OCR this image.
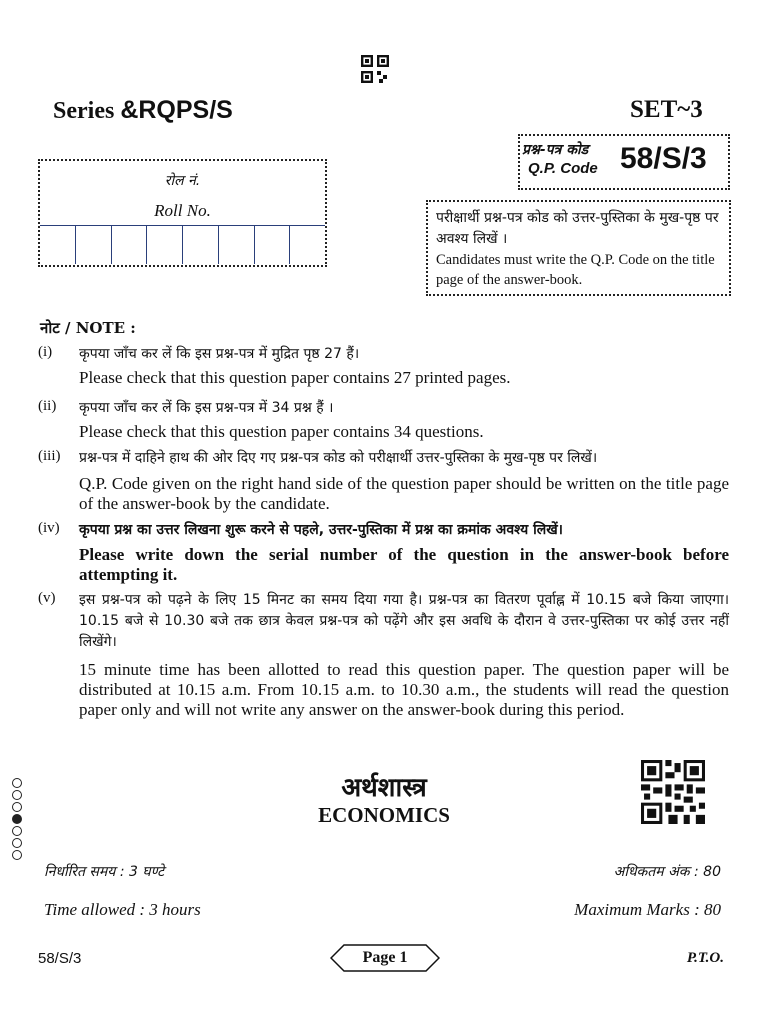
Series &RQPS/S	SET~3
प्रश्न-पत्र कोड
Q.P. Code 58/S/3
रोल नं.
Roll No.	परीक्षार्थी प्रश्न-पत्र कोड को उत्तर-पुस्तिका के मुख-पृष्ठ पर अवश्य लिखें ।
Candidates must write the Q.P. Code on the title page of the answer-book.
नोट / NOTE :
(i) कृपया जाँच कर लें कि इस प्रश्न-पत्र में मुद्रित पृष्ठ 27 हैं।
Please check that this question paper contains 27 printed pages.
(ii) कृपया जाँच कर लें कि इस प्रश्न-पत्र में 34 प्रश्न हैं ।
Please check that this question paper contains 34 questions.
(iii) प्रश्न-पत्र में दाहिने हाथ की ओर दिए गए प्रश्न-पत्र कोड को परीक्षार्थी उत्तर-पुस्तिका के मुख-पृष्ठ पर लिखें।
Q.P. Code given on the right hand side of the question paper should be written on the title page of the answer-book by the candidate.
(iv) कृपया प्रश्न का उत्तर लिखना शुरू करने से पहले, उत्तर-पुस्तिका में प्रश्न का क्रमांक अवश्य लिखें।
Please write down the serial number of the question in the answer-book before attempting it.
(v) इस प्रश्न-पत्र को पढ़ने के लिए 15 मिनट का समय दिया गया है। प्रश्न-पत्र का वितरण पूर्वाह्न में 10.15 बजे किया जाएगा। 10.15 बजे से 10.30 बजे तक छात्र केवल प्रश्न-पत्र को पढ़ेंगे और इस अवधि के दौरान वे उत्तर-पुस्तिका पर कोई उत्तर नहीं लिखेंगे।
15 minute time has been allotted to read this question paper. The question paper will be distributed at 10.15 a.m. From 10.15 a.m. to 10.30 a.m., the students will read the question paper only and will not write any answer on the answer-book during this period.
अर्थशास्त्र
ECONOMICS
निर्धारित समय : 3 घण्टे	अधिकतम अंक : 80
Time allowed : 3 hours	Maximum Marks : 80
58/S/3	Page 1	P.T.O.
